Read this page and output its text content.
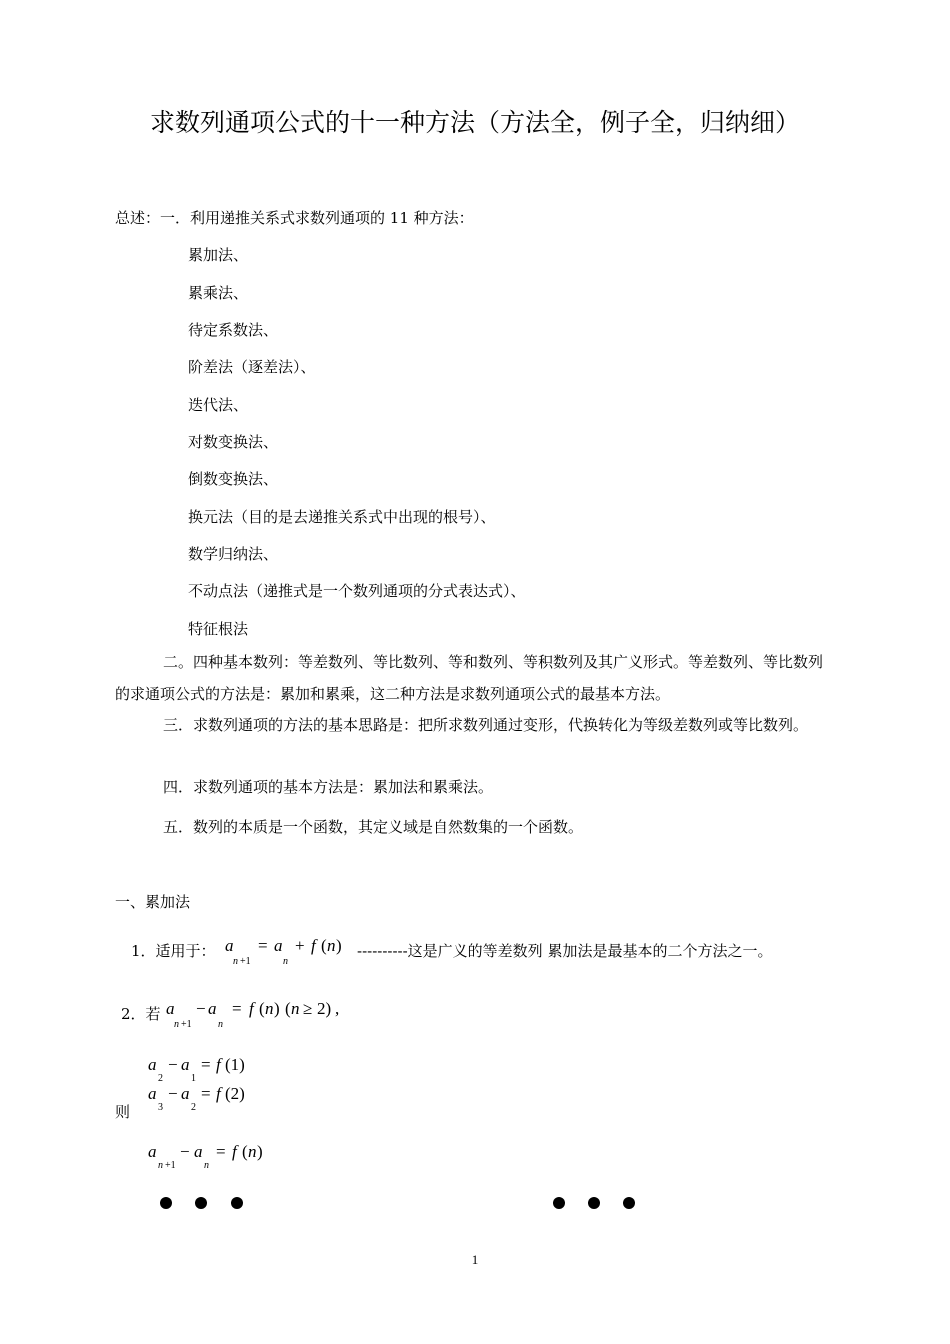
求数列通项公式的十一种方法（方法全，例子全，归纳细）
总述：一．利用递推关系式求数列通项的 11 种方法：
累加法、
累乘法、
待定系数法、
阶差法（逐差法）、
迭代法、
对数变换法、
倒数变换法、
换元法（目的是去递推关系式中出现的根号）、
数学归纳法、
不动点法（递推式是一个数列通项的分式表达式）、
特征根法
二。四种基本数列：等差数列、等比数列、等和数列、等积数列及其广义形式。等差数列、等比数列的求通项公式的方法是：累加和累乘，这二种方法是求数列通项公式的最基本方法。
三．求数列通项的方法的基本思路是：把所求数列通过变形，代换转化为等级差数列或等比数列。
四．求数列通项的基本方法是：累加法和累乘法。
五．数列的本质是一个函数，其定义域是自然数集的一个函数。
一、累加法
1．适用于： a
n +1
= a
n
+ f ( n ) ----------这是广义的等差数列 累加法是最基本的二个方法之一。
2．若 a
n +1
− a
n
= f ( n ) ( n ≥ 2) ,
则
a
2
− a
1
= f (1)
a
3
− a
2
= f (2)
a
n +1
− a
n
= f ( n )
1
